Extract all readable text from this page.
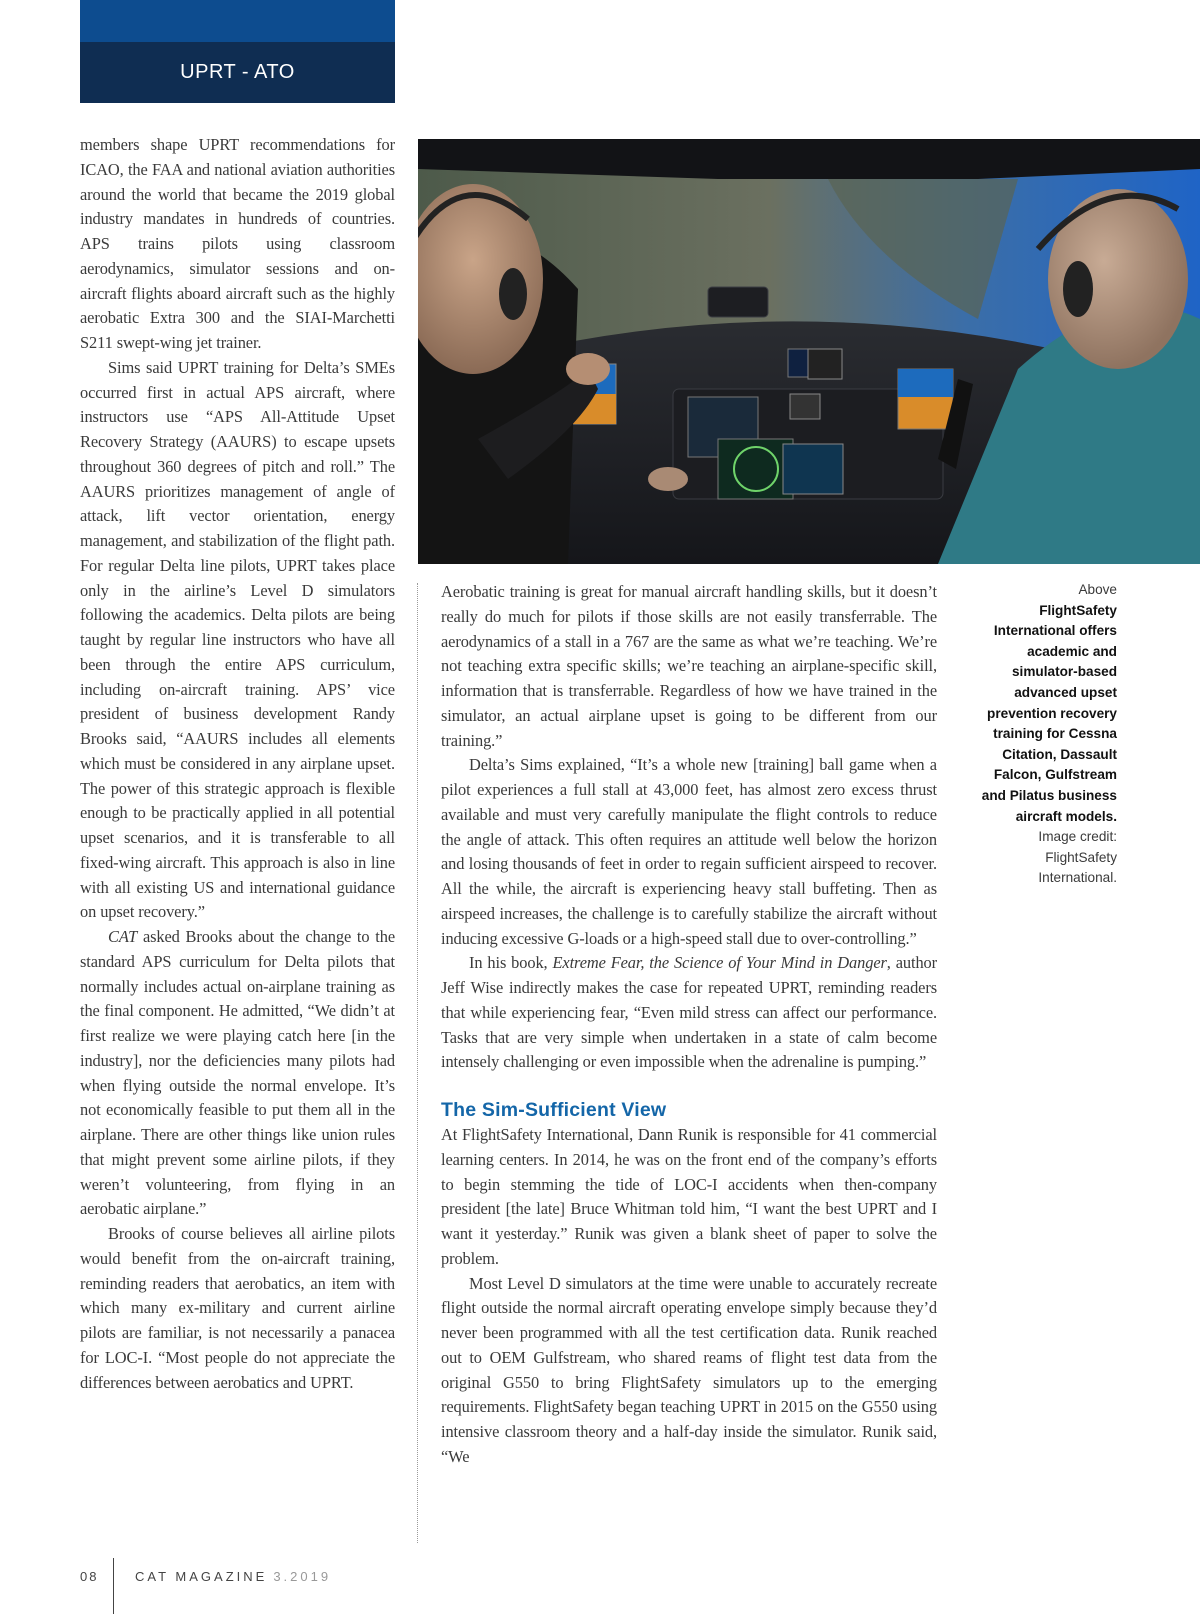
UPRT - ATO

members shape UPRT recommendations for ICAO, the FAA and national aviation authorities around the world that became the 2019 global industry mandates in hundreds of countries. APS trains pilots using classroom aerodynamics, simulator sessions and on-aircraft flights aboard aircraft such as the highly aerobatic Extra 300 and the SIAI-Marchetti S211 swept-wing jet trainer.

Sims said UPRT training for Delta’s SMEs occurred first in actual APS aircraft, where instructors use “APS All-Attitude Upset Recovery Strategy (AAURS) to escape upsets throughout 360 degrees of pitch and roll.” The AAURS prioritizes management of angle of attack, lift vector orientation, energy management, and stabilization of the flight path. For regular Delta line pilots, UPRT takes place only in the airline’s Level D simulators following the academics. Delta pilots are being taught by regular line instructors who have all been through the entire APS curriculum, including on-aircraft training. APS’ vice president of business development Randy Brooks said, “AAURS includes all elements which must be considered in any airplane upset. The power of this strategic approach is flexible enough to be practically applied in all potential upset scenarios, and it is transferable to all fixed-wing aircraft. This approach is also in line with all existing US and international guidance on upset recovery.”

CAT asked Brooks about the change to the standard APS curriculum for Delta pilots that normally includes actual on-airplane training as the final component. He admitted, “We didn’t at first realize we were playing catch here [in the industry], nor the deficiencies many pilots had when flying outside the normal envelope. It’s not economically feasible to put them all in the airplane. There are other things like union rules that might prevent some airline pilots, if they weren’t volunteering, from flying in an aerobatic airplane.”

Brooks of course believes all airline pilots would benefit from the on-aircraft training, reminding readers that aerobatics, an item with which many ex-military and current airline pilots are familiar, is not necessarily a panacea for LOC-I. “Most people do not appreciate the differences between aerobatics and UPRT.

Aerobatic training is great for manual aircraft handling skills, but it doesn’t really do much for pilots if those skills are not easily transferrable. The aerodynamics of a stall in a 767 are the same as what we’re teaching. We’re not teaching extra specific skills; we’re teaching an airplane-specific skill, information that is transferrable. Regardless of how we have trained in the simulator, an actual airplane upset is going to be different from our training.”

Delta’s Sims explained, “It’s a whole new [training] ball game when a pilot experiences a full stall at 43,000 feet, has almost zero excess thrust available and must very carefully manipulate the flight controls to reduce the angle of attack. This often requires an attitude well below the horizon and losing thousands of feet in order to regain sufficient airspeed to recover. All the while, the aircraft is experiencing heavy stall buffeting. Then as airspeed increases, the challenge is to carefully stabilize the aircraft without inducing excessive G-loads or a high-speed stall due to over-controlling.”

In his book, Extreme Fear, the Science of Your Mind in Danger, author Jeff Wise indirectly makes the case for repeated UPRT, reminding readers that while experiencing fear, “Even mild stress can affect our performance. Tasks that are very simple when undertaken in a state of calm become intensely challenging or even impossible when the adrenaline is pumping.”

The Sim-Sufficient View

At FlightSafety International, Dann Runik is responsible for 41 commercial learning centers. In 2014, he was on the front end of the company’s efforts to begin stemming the tide of LOC-I accidents when then-company president [the late] Bruce Whitman told him, “I want the best UPRT and I want it yesterday.” Runik was given a blank sheet of paper to solve the problem.

Most Level D simulators at the time were unable to accurately recreate flight outside the normal aircraft operating envelope simply because they’d never been programmed with all the test certification data. Runik reached out to OEM Gulfstream, who shared reams of flight test data from the original G550 to bring FlightSafety simulators up to the emerging requirements. FlightSafety began teaching UPRT in 2015 on the G550 using intensive classroom theory and a half-day inside the simulator. Runik said, “We

Above
FlightSafety International offers academic and simulator-based advanced upset prevention recovery training for Cessna Citation, Dassault Falcon, Gulfstream and Pilatus business aircraft models.
Image credit: FlightSafety International.
08	CAT MAGAZINE 3.2019
